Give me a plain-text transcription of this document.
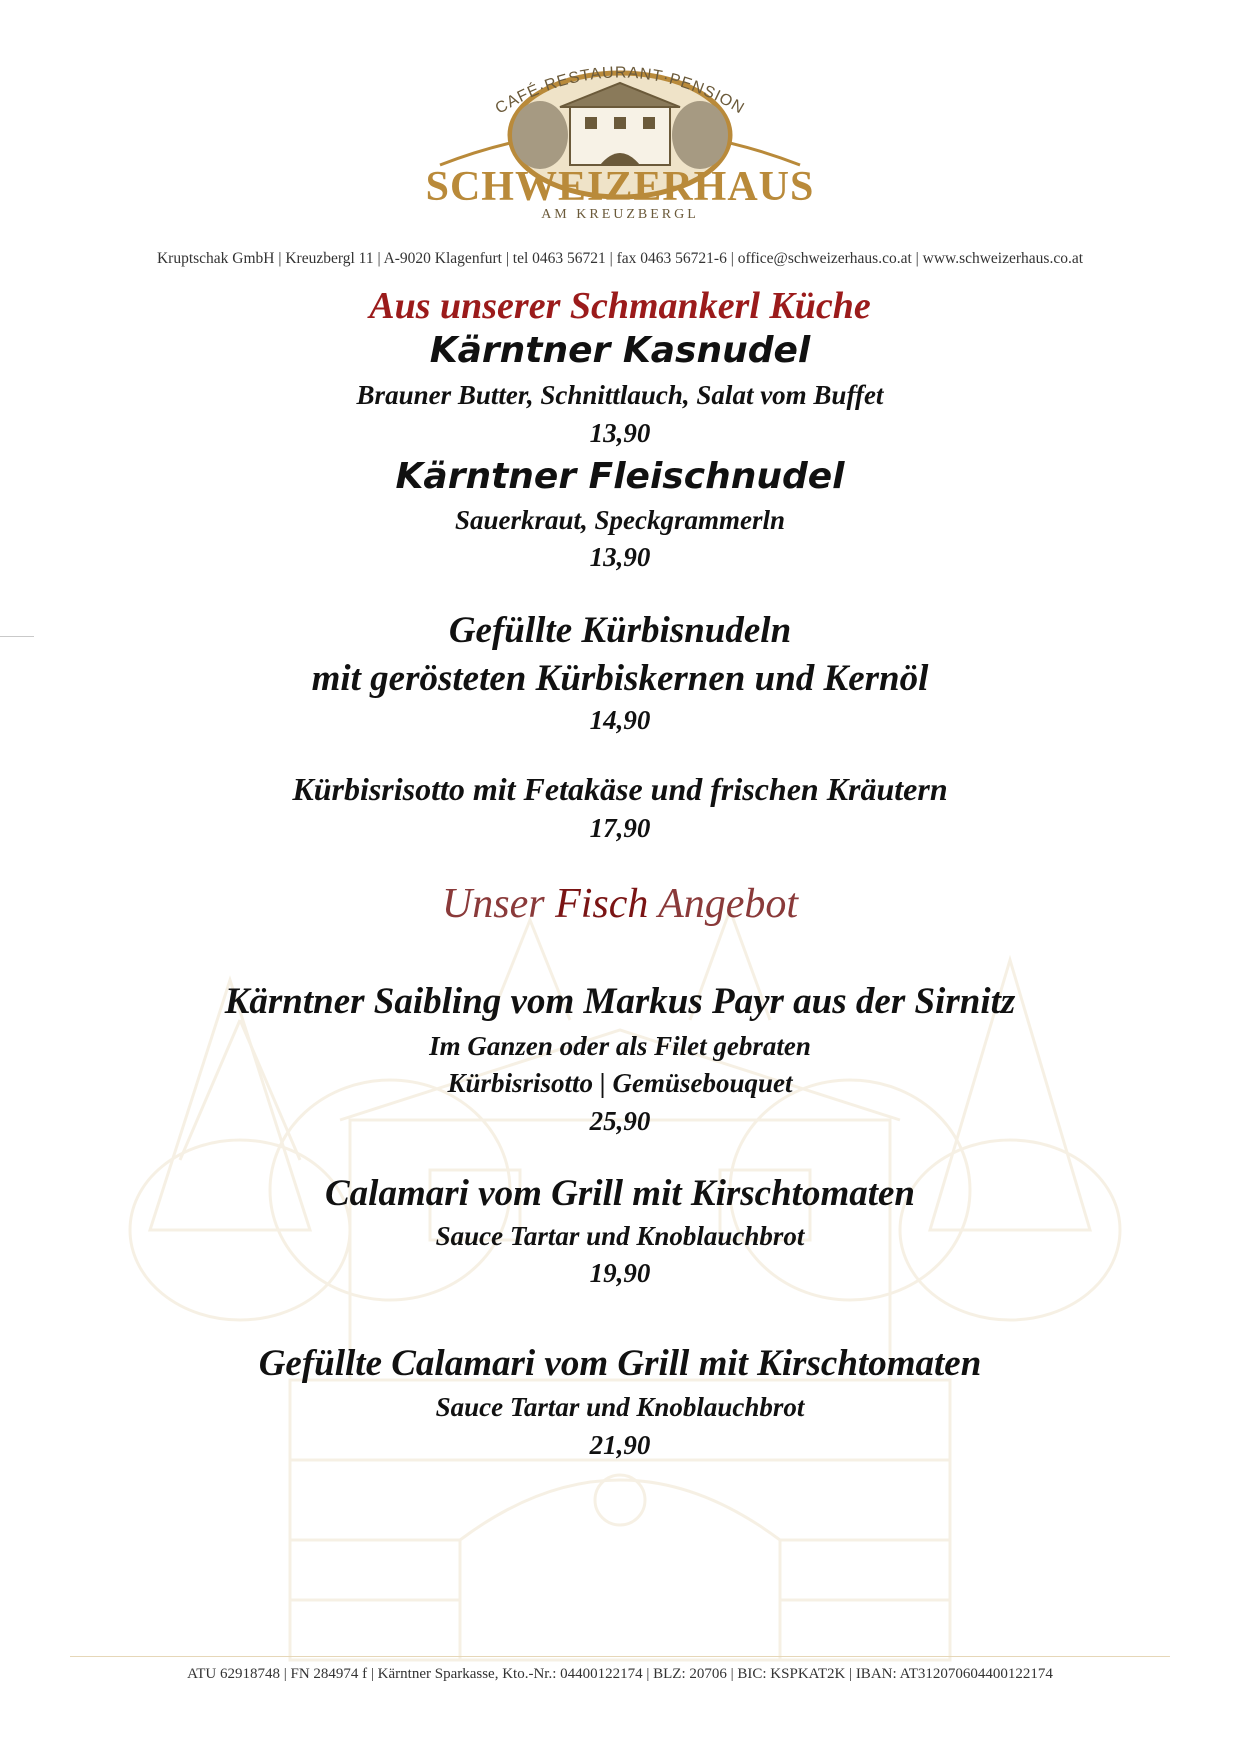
CAFÉ·RESTAURANT·PENSION
SCHWEIZERHAUS
AM KREUZBERGL
Kruptschak GmbH | Kreuzbergl 11 | A-9020 Klagenfurt | tel 0463 56721 | fax 0463 56721-6 | office@schweizerhaus.co.at | www.schweizerhaus.co.at
Aus unserer Schmankerl Küche
Kärntner Kasnudel
Brauner Butter, Schnittlauch, Salat vom Buffet
13,90
Kärntner Fleischnudel
Sauerkraut, Speckgrammerln
13,90
Gefüllte Kürbisnudeln
mit gerösteten Kürbiskernen und Kernöl
14,90
Kürbisrisotto mit Fetakäse und frischen Kräutern
17,90
Unser Fisch Angebot
Kärntner Saibling vom Markus Payr aus der Sirnitz
Im Ganzen oder als Filet gebraten
Kürbisrisotto | Gemüsebouquet
25,90
Calamari vom Grill mit Kirschtomaten
Sauce Tartar und Knoblauchbrot
19,90
Gefüllte Calamari vom Grill mit Kirschtomaten
Sauce Tartar und Knoblauchbrot
21,90
ATU 62918748 | FN 284974 f | Kärntner Sparkasse, Kto.-Nr.: 04400122174 | BLZ: 20706 | BIC: KSPKAT2K | IBAN: AT312070604400122174
